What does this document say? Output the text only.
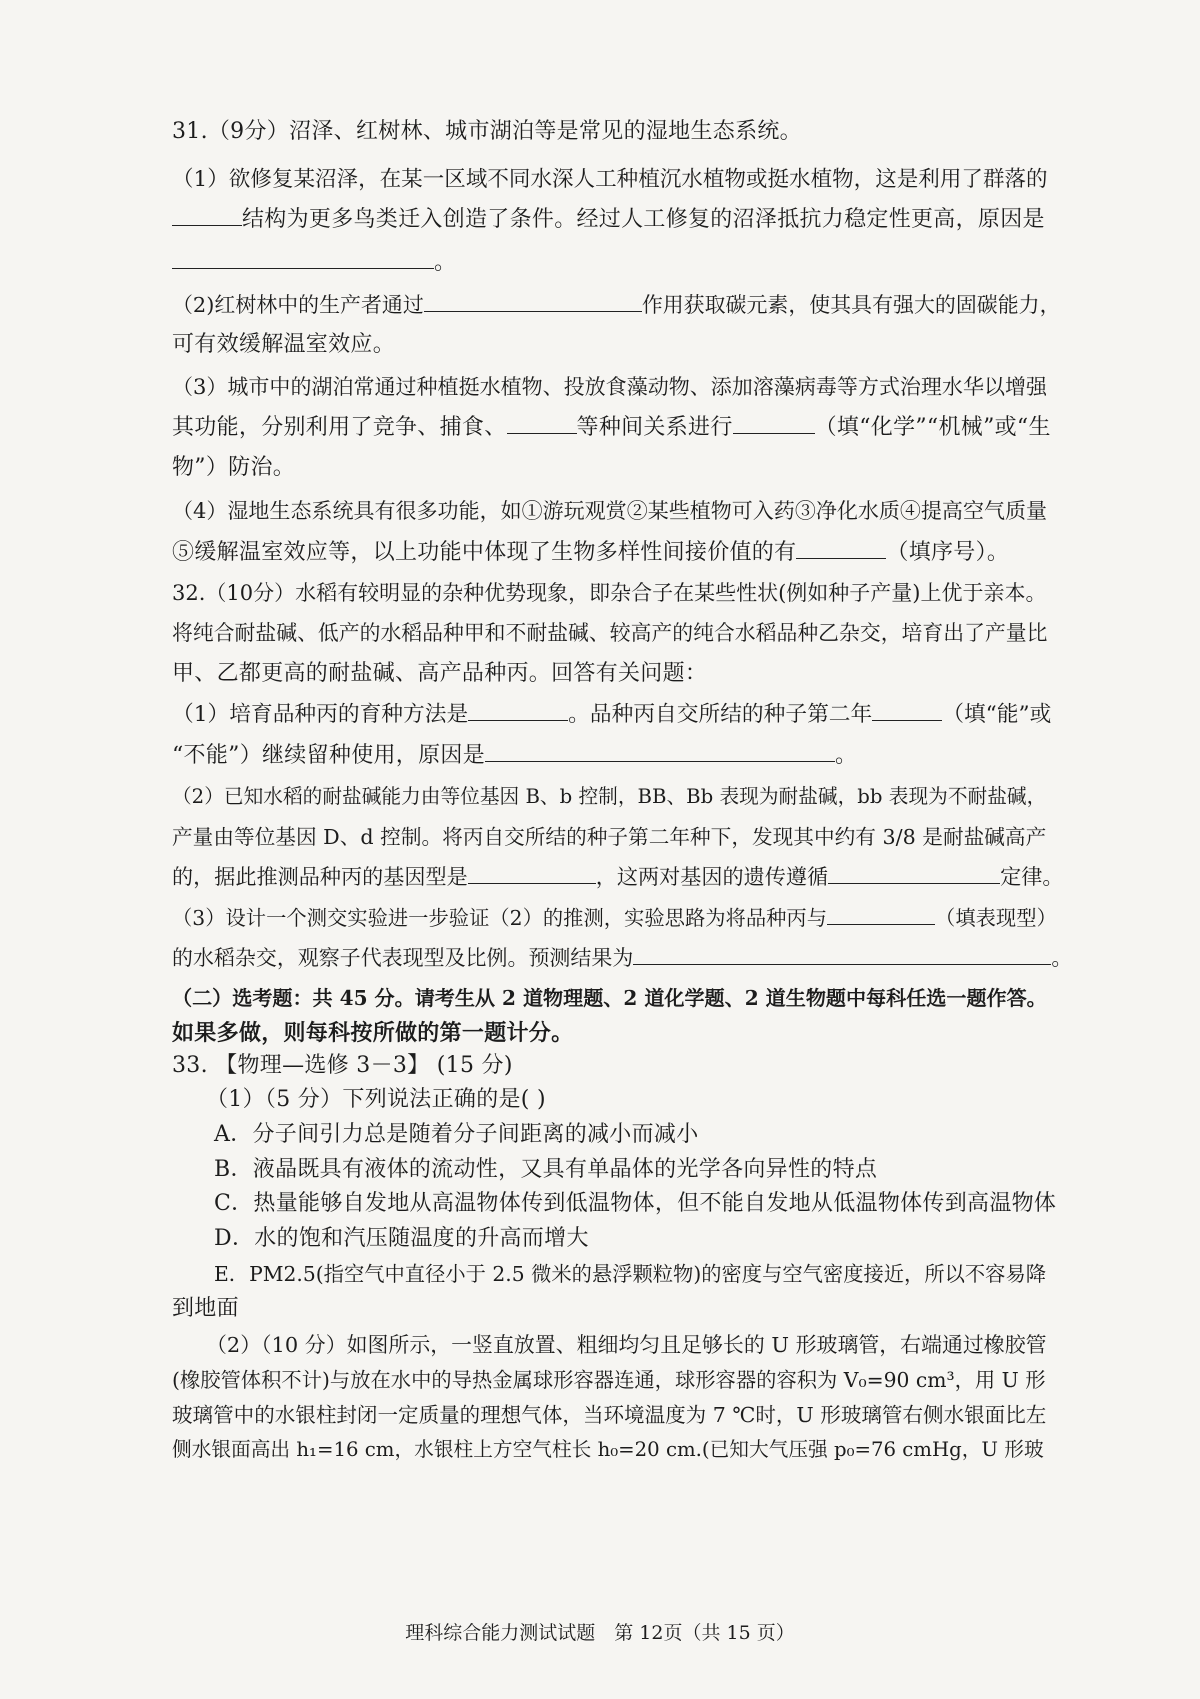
31.（9分）沼泽、红树林、城市湖泊等是常见的湿地生态系统。
（1）欲修复某沼泽，在某一区域不同水深人工种植沉水植物或挺水植物，这是利用了群落的
结构为更多鸟类迁入创造了条件。经过人工修复的沼泽抵抗力稳定性更高，原因是
。
（2)红树林中的生产者通过	作用获取碳元素，使其具有强大的固碳能力，
可有效缓解温室效应。
（3）城市中的湖泊常通过种植挺水植物、投放食藻动物、添加溶藻病毒等方式治理水华以增强
其功能，分别利用了竞争、捕食、	等种间关系进行	（填“化学”“机械”或“生
物”）防治。
（4）湿地生态系统具有很多功能，如①游玩观赏②某些植物可入药③净化水质④提高空气质量
⑤缓解温室效应等，以上功能中体现了生物多样性间接价值的有	（填序号）。
32.（10分）水稻有较明显的杂种优势现象，即杂合子在某些性状(例如种子产量)上优于亲本。
将纯合耐盐碱、低产的水稻品种甲和不耐盐碱、较高产的纯合水稻品种乙杂交，培育出了产量比
甲、乙都更高的耐盐碱、高产品种丙。回答有关问题：
（1）培育品种丙的育种方法是	。品种丙自交所结的种子第二年	（填“能”或
“不能”）继续留种使用，原因是	。
（2）已知水稻的耐盐碱能力由等位基因 B、b 控制，BB、Bb 表现为耐盐碱，bb 表现为不耐盐碱，
产量由等位基因 D、d 控制。将丙自交所结的种子第二年种下，发现其中约有 3/8 是耐盐碱高产
的，据此推测品种丙的基因型是	，这两对基因的遗传遵循	定律。
（3）设计一个测交实验进一步验证（2）的推测，实验思路为将品种丙与	（填表现型）
的水稻杂交，观察子代表现型及比例。预测结果为	。
（二）选考题：共 45 分。请考生从 2 道物理题、2 道化学题、2 道生物题中每科任选一题作答。
如果多做，则每科按所做的第一题计分。
33. 【物理—选修 3－3】 (15 分)
（1）（5 分）下列说法正确的是( )
A．分子间引力总是随着分子间距离的减小而减小
B．液晶既具有液体的流动性，又具有单晶体的光学各向异性的特点
C．热量能够自发地从高温物体传到低温物体，但不能自发地从低温物体传到高温物体
D．水的饱和汽压随温度的升高而增大
E．PM2.5(指空气中直径小于 2.5 微米的悬浮颗粒物)的密度与空气密度接近，所以不容易降
到地面
（2）（10 分）如图所示，一竖直放置、粗细均匀且足够长的 U 形玻璃管，右端通过橡胶管
(橡胶管体积不计)与放在水中的导热金属球形容器连通，球形容器的容积为 V₀=90 cm³，用 U 形
玻璃管中的水银柱封闭一定质量的理想气体，当环境温度为 7 ℃时，U 形玻璃管右侧水银面比左
侧水银面高出 h₁=16 cm，水银柱上方空气柱长 h₀=20 cm.(已知大气压强 p₀=76 cmHg，U 形玻
理科综合能力测试试题　第 12页（共 15 页）
